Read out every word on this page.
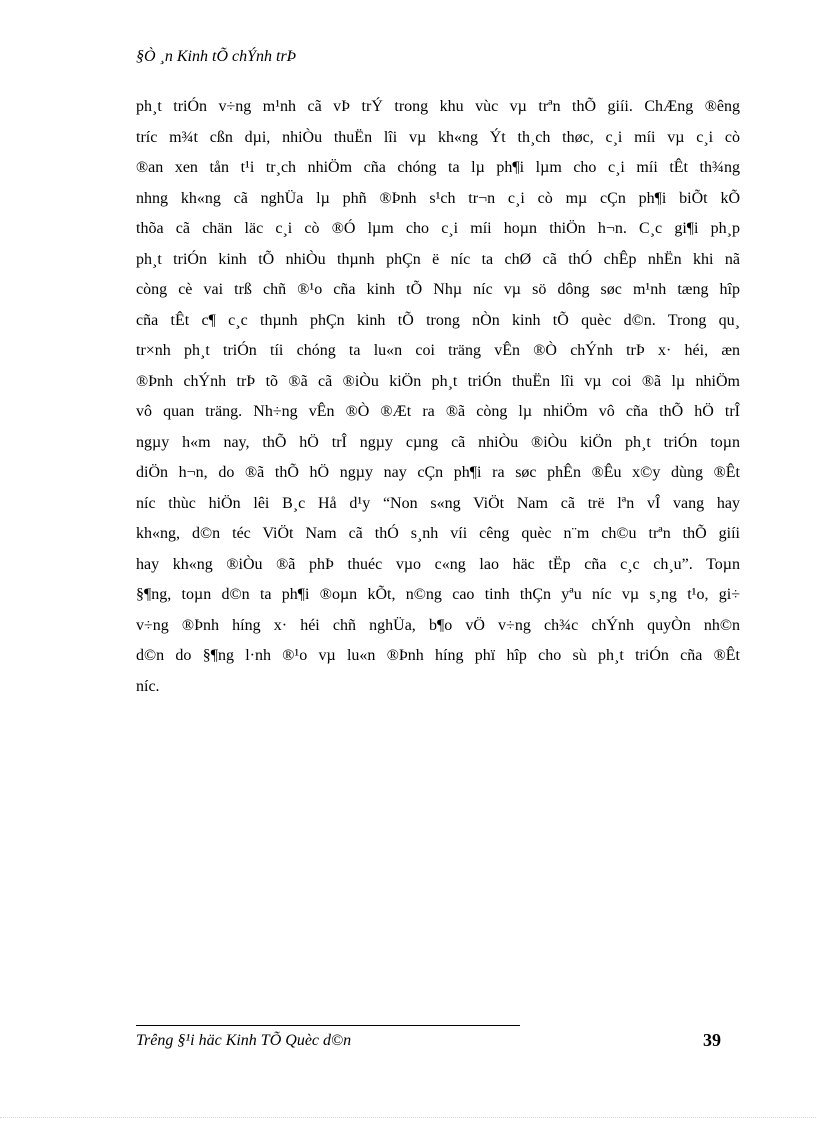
§Ò ¸n Kinh tÕ chÝnh trÞ
ph¸t triÓn v÷ng m¹nh cã vÞ trÝ trong khu vùc vµ trªn thÕ giíi. ChÆng ®êng
tríc m¾t cßn dµi, nhiÒu thuËn lîi vµ kh«ng Ýt th¸ch thøc, c¸i míi vµ c¸i cò
®an xen tån t¹i tr¸ch nhiÖm cña chóng ta lµ ph¶i lµm cho c¸i míi tÊt th¾ng
nhng kh«ng cã nghÜa lµ phñ ®Þnh s¹ch tr¬n c¸i cò mµ cÇn ph¶i biÕt kÕ
thõa cã chän läc c¸i cò ®Ó lµm cho c¸i míi hoµn thiÖn h¬n. C¸c gi¶i ph¸p
ph¸t triÓn kinh tÕ nhiÒu thµnh phÇn ë níc ta chØ cã thÓ chÊp nhËn khi nã
còng cè vai trß chñ ®¹o cña kinh tÕ Nhµ níc vµ sö dông søc m¹nh tæng hîp
cña tÊt c¶ c¸c thµnh phÇn kinh tÕ trong nÒn kinh tÕ quèc d©n. Trong qu¸
tr×nh ph¸t triÓn tíi chóng ta lu«n coi träng vÊn ®Ò chÝnh trÞ x· héi, æn
®Þnh chÝnh trÞ tõ ®ã cã ®iÒu kiÖn ph¸t triÓn thuËn lîi vµ coi ®ã lµ nhiÖm
vô quan träng. Nh÷ng vÊn ®Ò ®Æt ra ®ã còng lµ nhiÖm vô cña thÕ hÖ trÎ
ngµy h«m nay, thÕ hÖ trÎ ngµy cµng cã nhiÒu ®iÒu kiÖn ph¸t triÓn toµn
diÖn h¬n, do ®ã thÕ hÖ ngµy nay cÇn ph¶i ra søc phÊn ®Êu x©y dùng ®Êt
níc thùc hiÖn lêi B¸c Hå d¹y “Non s«ng ViÖt Nam cã trë lªn vÎ vang hay
kh«ng, d©n téc ViÖt Nam cã thÓ s¸nh víi cêng quèc n¨m ch©u trªn thÕ giíi
hay kh«ng ®iÒu ®ã phÞ thuéc vµo c«ng lao häc tËp cña c¸c ch¸u”. Toµn
§¶ng, toµn d©n ta ph¶i ®oµn kÕt, n©ng cao tinh thÇn yªu níc vµ s¸ng t¹o, gi÷
v÷ng ®Þnh híng x· héi chñ nghÜa, b¶o vÖ v÷ng ch¾c chÝnh quyÒn nh©n
d©n do §¶ng l·nh ®¹o vµ lu«n ®Þnh híng phï hîp cho sù ph¸t triÓn cña ®Êt
níc.
Trêng §¹i häc Kinh TÕ Quèc d©n	39
